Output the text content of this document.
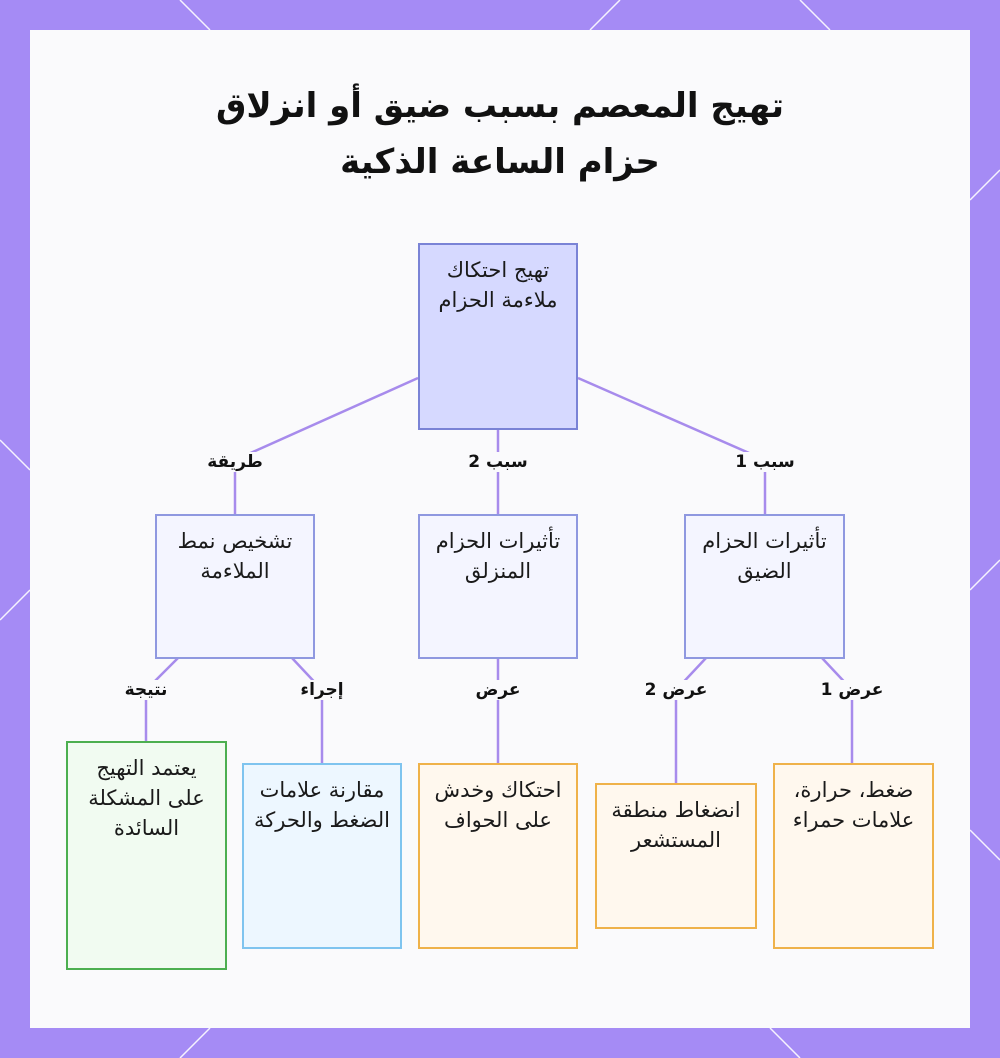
تهيج المعصم بسبب ضيق أو انزلاق
حزام الساعة الذكية
تهيج احتكاك ملاءمة الحزام
تأثيرات الحزام الضيق
تأثيرات الحزام المنزلق
تشخيص نمط الملاءمة
ضغط، حرارة، علامات حمراء
انضغاط منطقة المستشعر
احتكاك وخدش على الحواف
مقارنة علامات الضغط والحركة
يعتمد التهيج على المشكلة السائدة
سبب 1
سبب 2
طريقة
عرض 1
عرض 2
عرض
إجراء
نتيجة
